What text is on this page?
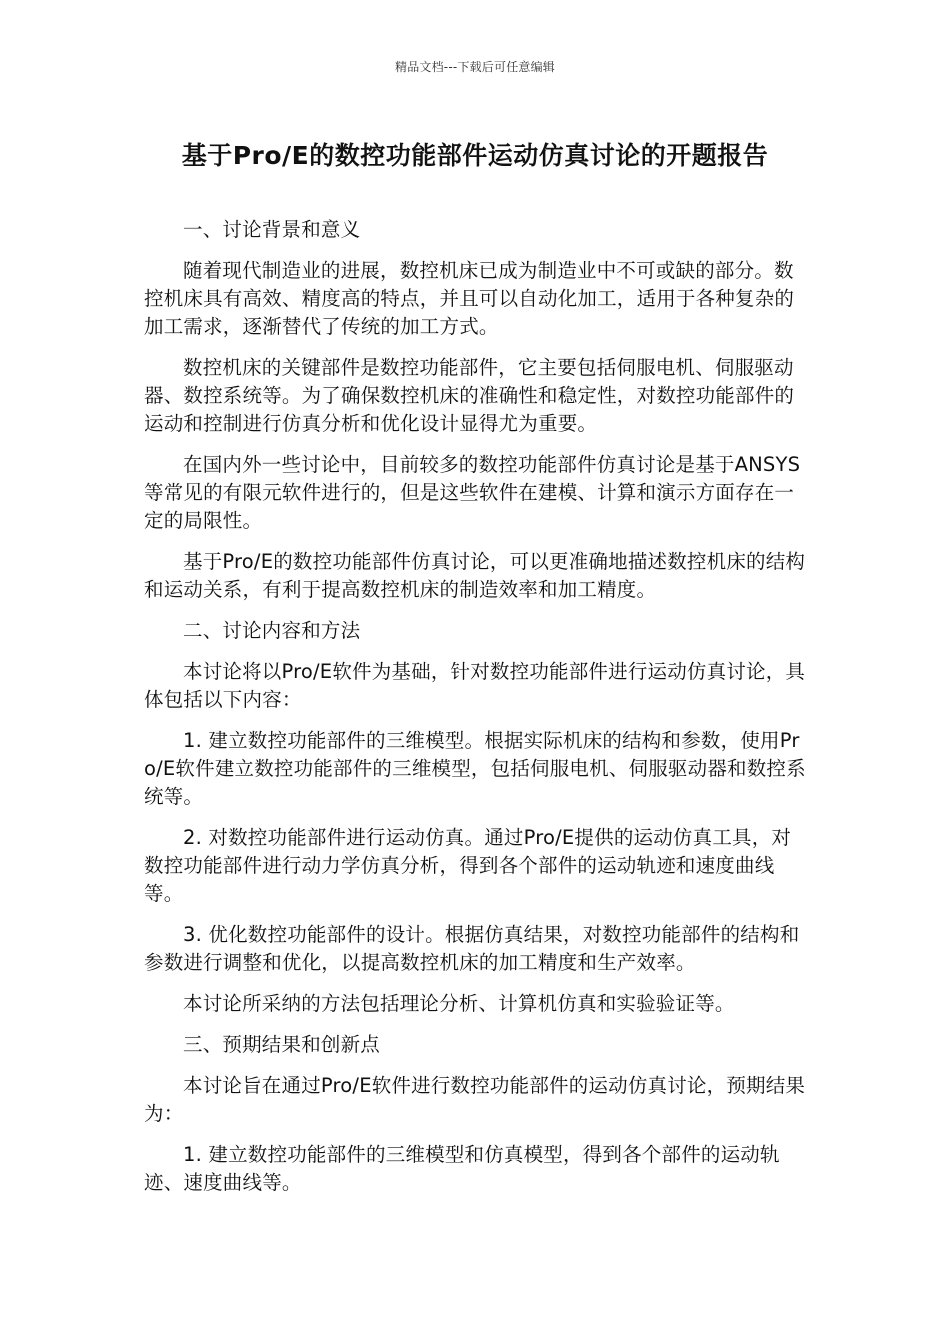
精品文档---下载后可任意编辑
基于Pro/E的数控功能部件运动仿真讨论的开题报告

一、讨论背景和意义

随着现代制造业的进展，数控机床已成为制造业中不可或缺的部分。数控机床具有高效、精度高的特点，并且可以自动化加工，适用于各种复杂的加工需求，逐渐替代了传统的加工方式。

数控机床的关键部件是数控功能部件，它主要包括伺服电机、伺服驱动器、数控系统等。为了确保数控机床的准确性和稳定性，对数控功能部件的运动和控制进行仿真分析和优化设计显得尤为重要。

在国内外一些讨论中，目前较多的数控功能部件仿真讨论是基于ANSYS等常见的有限元软件进行的，但是这些软件在建模、计算和演示方面存在一定的局限性。

基于Pro/E的数控功能部件仿真讨论，可以更准确地描述数控机床的结构和运动关系，有利于提高数控机床的制造效率和加工精度。

二、讨论内容和方法

本讨论将以Pro/E软件为基础，针对数控功能部件进行运动仿真讨论，具体包括以下内容：

1. 建立数控功能部件的三维模型。根据实际机床的结构和参数，使用Pro/E软件建立数控功能部件的三维模型，包括伺服电机、伺服驱动器和数控系统等。

2. 对数控功能部件进行运动仿真。通过Pro/E提供的运动仿真工具，对数控功能部件进行动力学仿真分析，得到各个部件的运动轨迹和速度曲线等。

3. 优化数控功能部件的设计。根据仿真结果，对数控功能部件的结构和参数进行调整和优化，以提高数控机床的加工精度和生产效率。

本讨论所采纳的方法包括理论分析、计算机仿真和实验验证等。

三、预期结果和创新点

本讨论旨在通过Pro/E软件进行数控功能部件的运动仿真讨论，预期结果为：

1. 建立数控功能部件的三维模型和仿真模型，得到各个部件的运动轨迹、速度曲线等。
